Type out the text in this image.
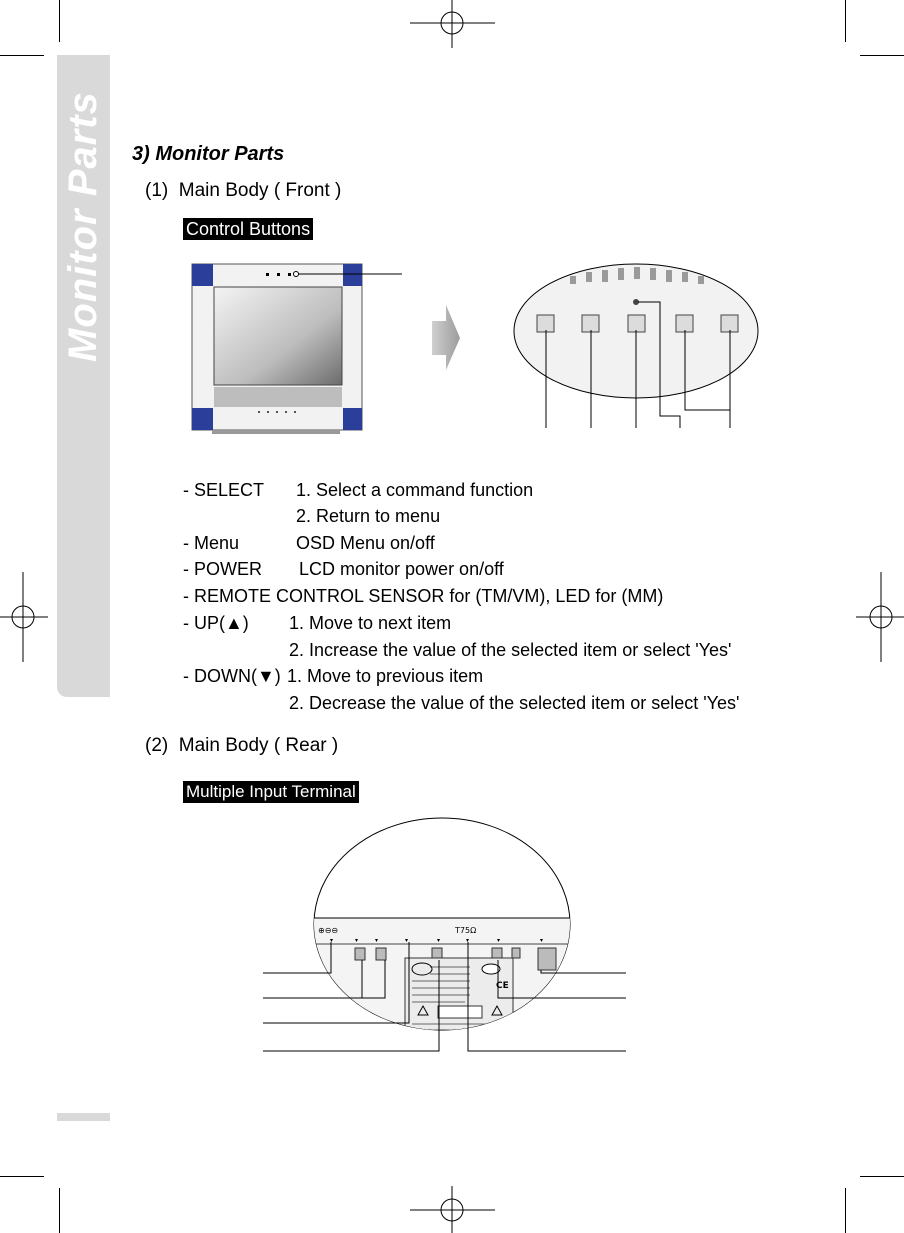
Monitor Parts 3) Monitor Parts
(1)  Main Body ( Front )
Control Buttons
- SELECT 1. Select a command function
2. Return to menu
- Menu	OSD Menu on/off
- POWER LCD monitor power on/off
- REMOTE CONTROL SENSOR for (TM/VM), LED for (MM)
- UP(▲) 1. Move to next item
2. Increase the value of the selected item or select 'Yes'
- DOWN(▼) 1. Move to previous item
2. Decrease the value of the selected item or select 'Yes'
(2)  Main Body ( Rear )
Multiple Input Terminal
⊕⊖⊖	T75Ω
CE
